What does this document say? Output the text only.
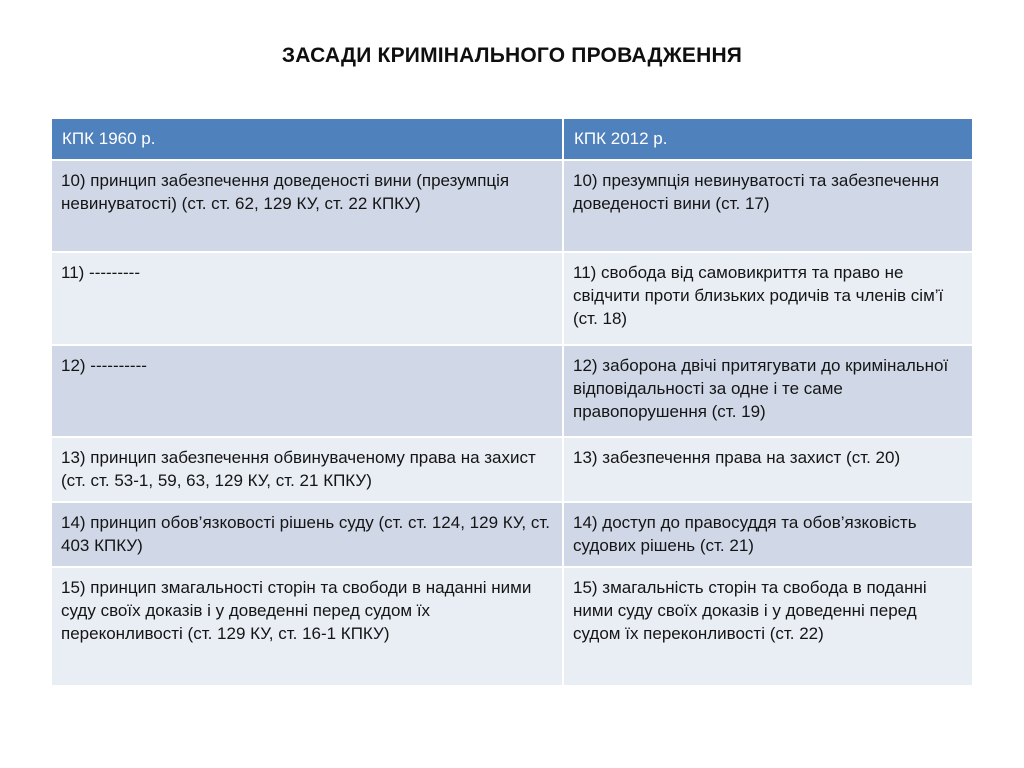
ЗАСАДИ КРИМІНАЛЬНОГО ПРОВАДЖЕННЯ
КПК 1960 р.	КПК 2012 р.
10) принцип забезпечення доведеності вини (презумпція невинуватості) (ст. ст. 62, 129 КУ, ст. 22 КПКУ)	10) презумпція невинуватості та забезпечення доведеності вини (ст. 17)
11) ---------	11) свобода від самовикриття та право не свідчити проти близьких родичів та членів сім’ї (ст. 18)
12) ----------	12) заборона двічі притягувати до кримінальної відповідальності за одне і те саме правопорушення (ст. 19)
13) принцип забезпечення обвинуваченому права на захист (ст. ст. 53-1, 59, 63, 129 КУ, ст. 21 КПКУ)	13) забезпечення права на захист (ст. 20)
14) принцип обов’язковості рішень суду (ст. ст. 124, 129 КУ, ст. 403 КПКУ)	14) доступ до правосуддя та обов’язковість судових рішень (ст. 21)
15) принцип змагальності сторін та свободи в наданні ними суду своїх доказів і у доведенні перед судом їх переконливості (ст. 129 КУ, ст. 16-1 КПКУ)	15) змагальність сторін та свобода в поданні ними суду своїх доказів і у доведенні перед судом їх переконливості (ст. 22)
